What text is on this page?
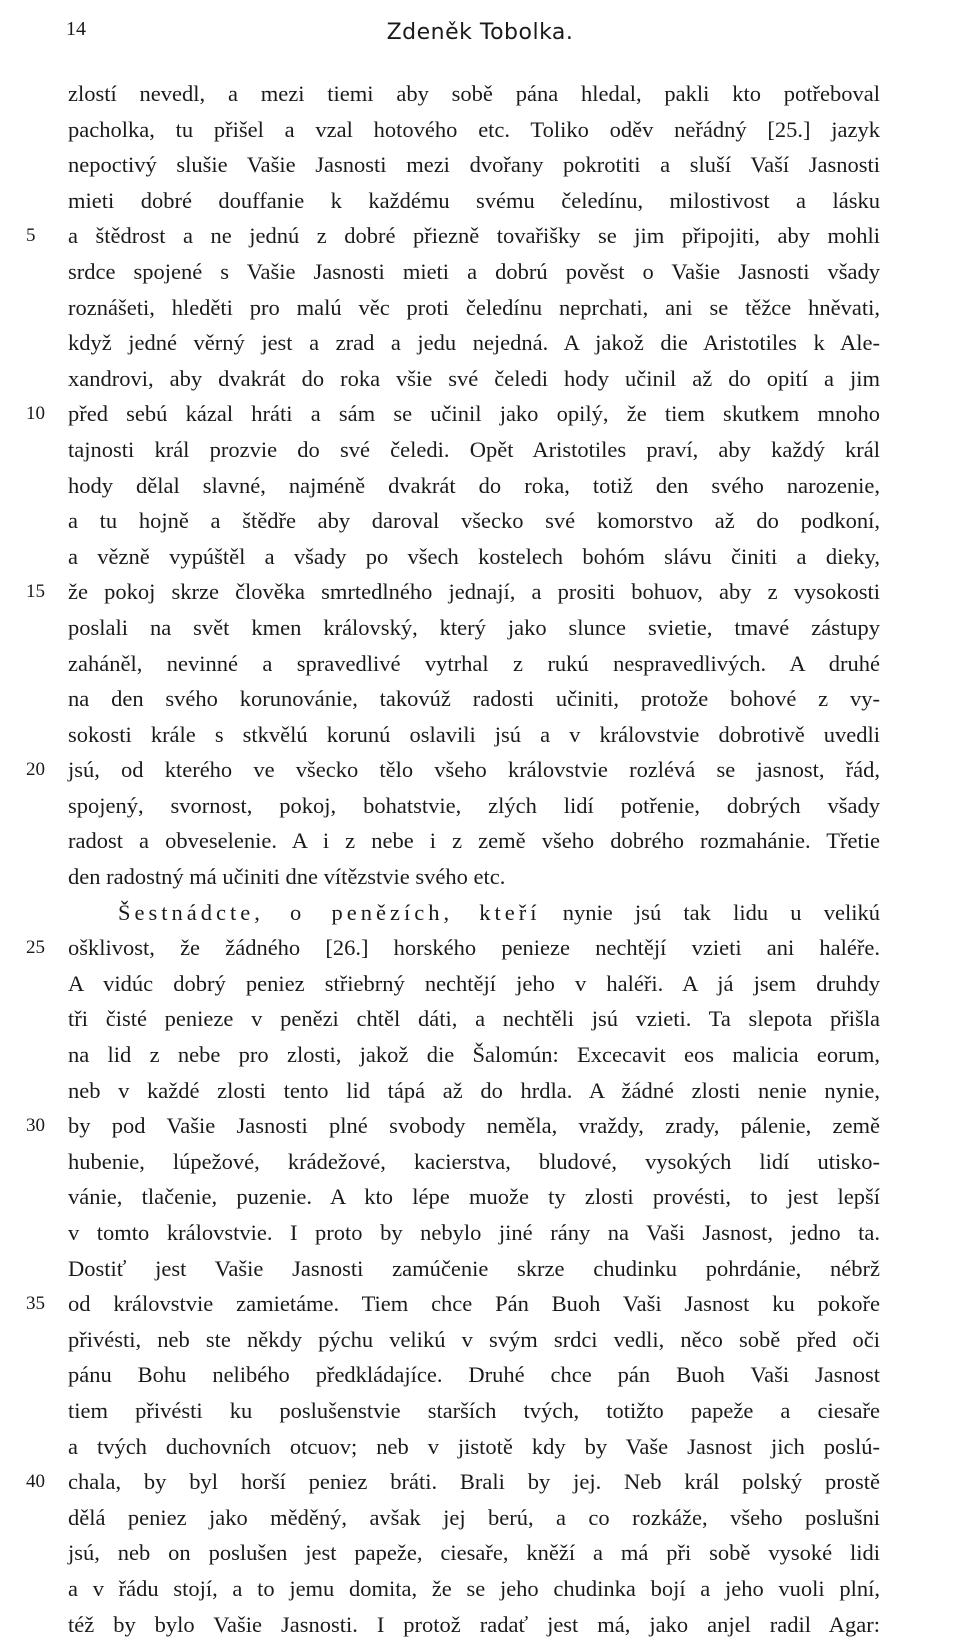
14	Zdeněk Tobolka.
zlostí nevedl, a mezi tiemi aby sobě pána hledal, pakli kto potřeboval
pacholka, tu přišel a vzal hotového etc. Toliko oděv neřádný [25.] jazyk
nepoctivý slušie Vašie Jasnosti mezi dvořany pokrotiti a sluší Vaší Jasnosti
mieti dobré douffanie k každému svému čeledínu, milostivost a lásku
5	a štědrost a ne jednú z dobré přiezně tovařišky se jim připojiti, aby mohli
srdce spojené s Vašie Jasnosti mieti a dobrú pověst o Vašie Jasnosti všady
roznášeti, hleděti pro malú věc proti čeledínu neprchati, ani se těžce hněvati,
když jedné věrný jest a zrad a jedu nejedná. A jakož die Aristotiles k Ale-
xandrovi, aby dvakrát do roka všie své čeledi hody učinil až do opití a jim
10	před sebú kázal hráti a sám se učinil jako opilý, že tiem skutkem mnoho
tajnosti král prozvie do své čeledi. Opět Aristotiles praví, aby každý král
hody dělal slavné, najméně dvakrát do roka, totiž den svého narozenie,
a tu hojně a štědře aby daroval všecko své komorstvo až do podkoní,
a vězně vypúštěl a všady po všech kostelech bohóm slávu činiti a dieky,
15	že pokoj skrze člověka smrtedlného jednají, a prositi bohuov, aby z vysokosti
poslali na svět kmen královský, který jako slunce svietie, tmavé zástupy
zaháněl, nevinné a spravedlivé vytrhal z rukú nespravedlivých. A druhé
na den svého korunovánie, takovúž radosti učiniti, protože bohové z vy-
sokosti krále s stkvělú korunú oslavili jsú a v královstvie dobrotivě uvedli
20	jsú, od kterého ve všecko tělo všeho královstvie rozlévá se jasnost, řád,
spojený, svornost, pokoj, bohatstvie, zlých lidí potřenie, dobrých všady
radost a obveselenie. A i z nebe i z země všeho dobrého rozmahánie. Třetie
den radostný má učiniti dne vítězstvie svého etc.
Šestnádcte, o penězích, kteří nynie jsú tak lidu u velikú
25	ošklivost, že žádného [26.] horského penieze nechtějí vzieti ani haléře.
A vidúc dobrý peniez střiebrný nechtějí jeho v haléři. A já jsem druhdy
tři čisté penieze v penězi chtěl dáti, a nechtěli jsú vzieti. Ta slepota přišla
na lid z nebe pro zlosti, jakož die Šalomún: Excecavit eos malicia eorum,
neb v každé zlosti tento lid tápá až do hrdla. A žádné zlosti nenie nynie,
30	by pod Vašie Jasnosti plné svobody neměla, vraždy, zrady, pálenie, země
hubenie, lúpežové, krádežové, kacierstva, bludové, vysokých lidí utisko-
vánie, tlačenie, puzenie. A kto lépe muože ty zlosti provésti, to jest lepší
v tomto královstvie. I proto by nebylo jiné rány na Vaši Jasnost, jedno ta.
Dostiť jest Vašie Jasnosti zamúčenie skrze chudinku pohrdánie, nébrž
35	od královstvie zamietáme. Tiem chce Pán Buoh Vaši Jasnost ku pokoře
přivésti, neb ste někdy pýchu velikú v svým srdci vedli, něco sobě před oči
pánu Bohu nelibého předkládajíce. Druhé chce pán Buoh Vaši Jasnost
tiem přivésti ku poslušenstvie starších tvých, totižto papeže a ciesaře
a tvých duchovních otcuov; neb v jistotě kdy by Vaše Jasnost jich poslú-
40	chala, by byl horší peniez bráti. Brali by jej. Neb král polský prostě
dělá peniez jako měděný, avšak jej berú, a co rozkáže, všeho poslušni
jsú, neb on poslušen jest papeže, ciesaře, kněží a má při sobě vysoké lidi
a v řádu stojí, a to jemu domita, že se jeho chudinka bojí a jeho vuoli plní,
též by bylo Vašie Jasnosti. I protož radať jest má, jako anjel radil Agar:
